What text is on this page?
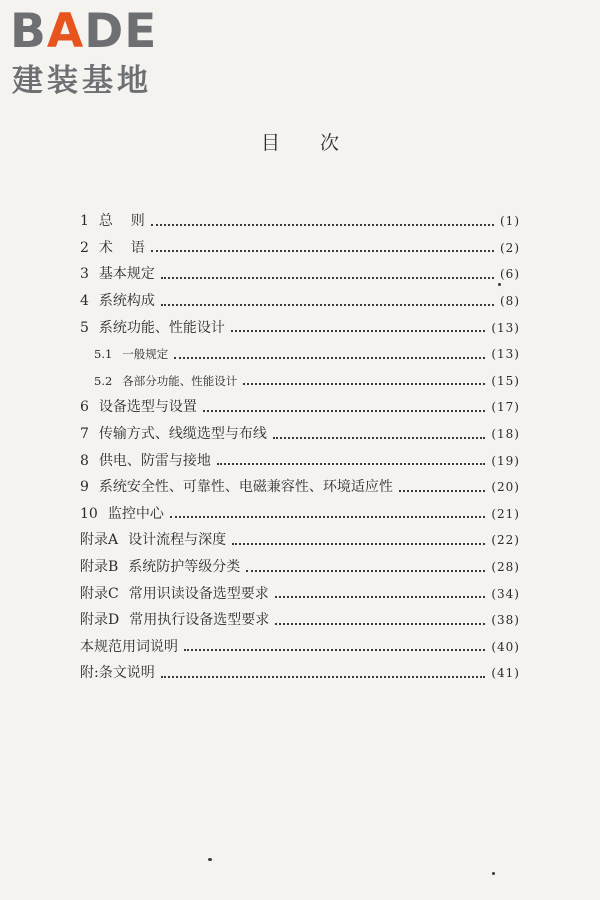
BADE
建装基地
目次
1 总    则	(1)
2 术    语	(2)
3 基本规定	(6)
4 系统构成	(8)
5 系统功能、性能设计	(13)
5.1 一般规定	(13)
5.2 各部分功能、性能设计	(15)
6 设备选型与设置	(17)
7 传输方式、线缆选型与布线	(18)
8 供电、防雷与接地	(19)
9 系统安全性、可靠性、电磁兼容性、环境适应性	(20)
10 监控中心	(21)
附录A 设计流程与深度	(22)
附录B 系统防护等级分类	(28)
附录C 常用识读设备选型要求	(34)
附录D 常用执行设备选型要求	(38)
本规范用词说明	(40)
附:条文说明	(41)
